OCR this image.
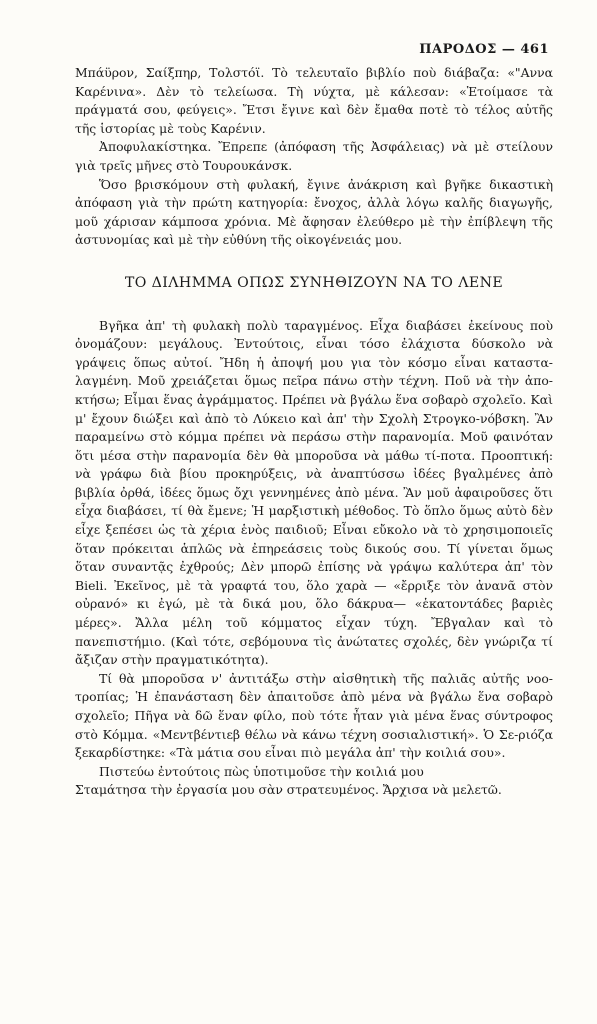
ΠΑΡΟΔΟΣ — 461

Μπάϋρον, Σαίξπηρ, Τολστόϊ. Τὸ τελευταῖο βιβλίο ποὺ διάβαζα: «"Αννα Καρένινα». Δὲν τὸ τελείωσα. Τὴ νύχτα, μὲ κάλεσαν: «Ἑτοίμασε τὰ πράγματά σου, φεύγεις». Ἔτσι ἔγινε καὶ δὲν ἔμαθα ποτὲ τὸ τέλος αὐτῆς τῆς ἱστορίας μὲ τοὺς Καρένιν.

Ἀποφυλακίστηκα. Ἔπρεπε (ἀπόφαση τῆς Ἀσφάλειας) νὰ μὲ στείλουν γιὰ τρεῖς μῆνες στὸ Τουρουκάνσκ.

Ὅσο βρισκόμουν στὴ φυλακή, ἔγινε ἀνάκριση καὶ βγῆκε δικαστικὴ ἀπόφαση γιὰ τὴν πρώτη κατηγορία: ἔνοχος, ἀλλὰ λόγω καλῆς διαγωγῆς, μοῦ χάρισαν κάμποσα χρόνια. Μὲ ἄφησαν ἐλεύθερο μὲ τὴν ἐπίβλεψη τῆς ἀστυνομίας καὶ μὲ τὴν εὐθύνη τῆς οἰκογένειάς μου.

ΤΟ ΔΙΛΗΜΜΑ ΟΠΩΣ ΣΥΝΗΘΙΖΟΥΝ ΝΑ ΤΟ ΛΕΝΕ

Βγῆκα ἀπ' τὴ φυλακὴ πολὺ ταραγμένος. Εἶχα διαβάσει ἐκείνους ποὺ ὀνομάζουν: μεγάλους. Ἐντούτοις, εἶναι τόσο ἐλάχιστα δύσκολο νὰ γράψεις ὅπως αὐτοί. Ἤδη ἡ ἀποψή μου για τὸν κόσμο εἶναι καταστα-λαγμένη. Μοῦ χρειάζεται ὅμως πεῖρα πάνω στὴν τέχνη. Ποῦ νὰ τὴν ἀπο-κτήσω; Εἶμαι ἕνας ἀγράμματος. Πρέπει νὰ βγάλω ἕνα σοβαρὸ σχολεῖο. Καὶ μ' ἔχουν διώξει καὶ ἀπὸ τὸ Λύκειο καὶ ἀπ' τὴν Σχολὴ Στρογκο-νόβσκη. Ἂν παραμείνω στὸ κόμμα πρέπει νὰ περάσω στὴν παρανομία. Μοῦ φαινόταν ὅτι μέσα στὴν παρανομία δὲν θὰ μποροῦσα νὰ μάθω τί-ποτα. Προοπτική: νὰ γράφω διὰ βίου προκηρύξεις, νὰ ἀναπτύσσω ἰδέες βγαλμένες ἀπὸ βιβλία ὀρθά, ἰδέες ὅμως ὄχι γεννημένες ἀπὸ μένα. Ἂν μοῦ ἀφαιροῦσες ὅτι εἶχα διαβάσει, τί θὰ ἔμενε; Ἡ μαρξιστικὴ μέθοδος. Τὸ ὅπλο ὅμως αὐτὸ δὲν εἶχε ξεπέσει ὡς τὰ χέρια ἑνὸς παιδιοῦ; Εἶναι εὔκολο νὰ τὸ χρησιμοποιεῖς ὅταν πρόκειται ἁπλῶς νὰ ἐπηρεάσεις τοὺς δικούς σου. Τί γίνεται ὅμως ὅταν συναντᾷς ἐχθρούς; Δὲν μπορῶ ἐπίσης νὰ γράψω καλύτερα ἀπ' τὸν Bieli. Ἐκεῖνος, μὲ τὰ γραφτά του, ὅλο χαρὰ — «ἔρριξε τὸν ἀνανᾶ στὸν οὐρανό» κι ἐγώ, μὲ τὰ δικά μου, ὅλο δάκρυα— «ἑκατοντάδες βαριὲς μέρες». Ἄλλα μέλη τοῦ κόμματος εἶχαν τύχη. Ἔβγαλαν καὶ τὸ πανεπιστήμιο. (Καὶ τότε, σεβόμουνα τὶς ἀνώτατες σχολές, δὲν γνώριζα τί ἄξιζαν στὴν πραγματικότητα).

Τί θὰ μποροῦσα ν' ἀντιτάξω στὴν αἰσθητικὴ τῆς παλιᾶς αὐτῆς νοο-τροπίας; Ἡ ἐπανάσταση δὲν ἀπαιτοῦσε ἀπὸ μένα νὰ βγάλω ἕνα σοβαρὸ σχολεῖο; Πῆγα νὰ δῶ ἕναν φίλο, ποὺ τότε ἦταν γιὰ μένα ἕνας σύντροφος στὸ Κόμμα. «Μεντβέντιεβ θέλω νὰ κάνω τέχνη σοσιαλιστική». Ὁ Σε-ριόζα ξεκαρδίστηκε: «Τὰ μάτια σου εἶναι πιὸ μεγάλα ἀπ' τὴν κοιλιά σου».

Πιστεύω ἐντούτοις πὼς ὑποτιμοῦσε τὴν κοιλιά μου

Σταμάτησα τὴν ἐργασία μου σὰν στρατευμένος. Ἄρχισα νὰ μελετῶ.
